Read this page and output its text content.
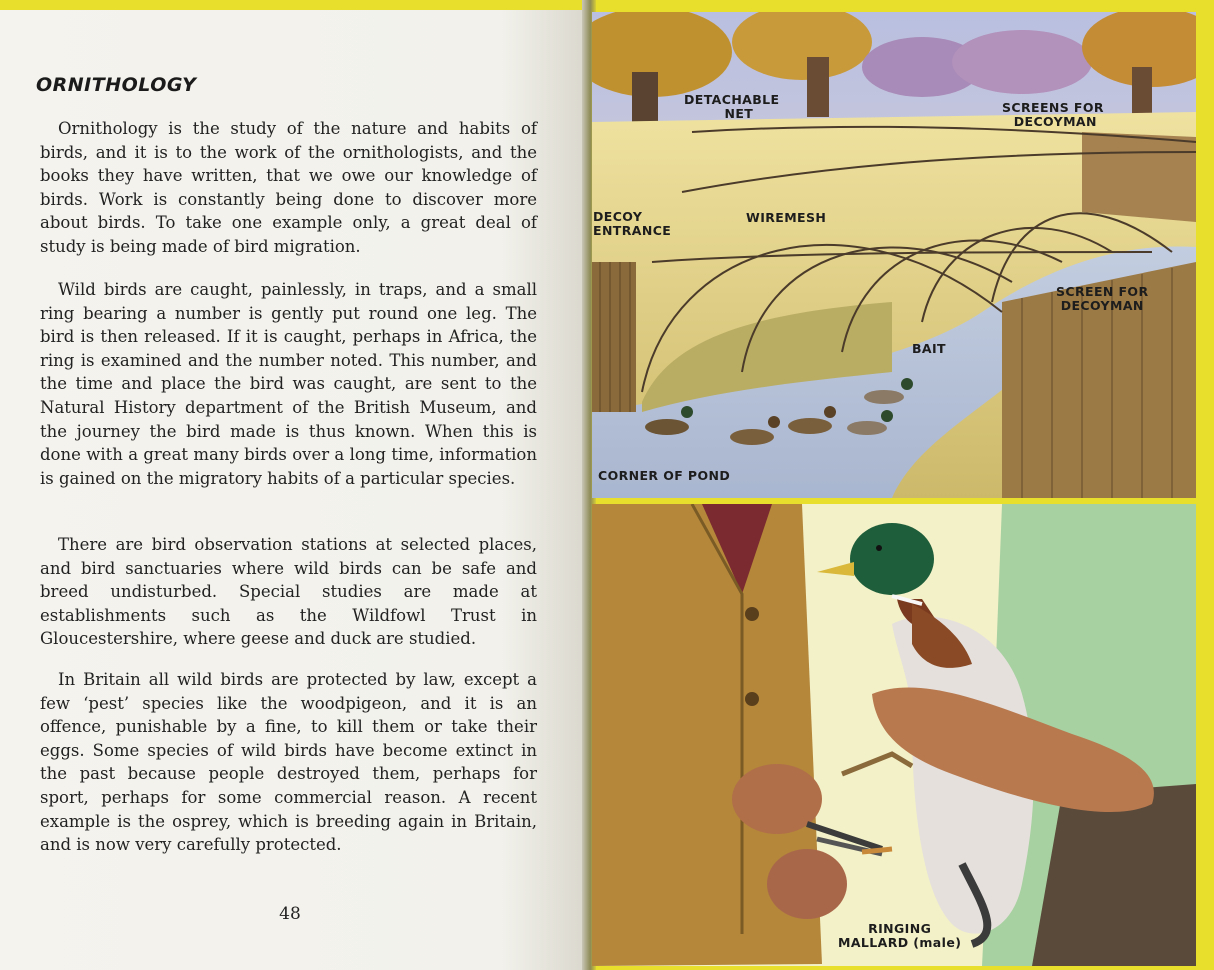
ORNITHOLOGY

Ornithology is the study of the nature and habits of birds, and it is to the work of the ornithologists, and the books they have written, that we owe our knowledge of birds. Work is constantly being done to discover more about birds. To take one example only, a great deal of study is being made of bird migration.

Wild birds are caught, painlessly, in traps, and a small ring bearing a number is gently put round one leg. The bird is then released. If it is caught, perhaps in Africa, the ring is examined and the number noted. This number, and the time and place the bird was caught, are sent to the Natural History department of the British Museum, and the journey the bird made is thus known. When this is done with a great many birds over a long time, information is gained on the migratory habits of a particular species.

There are bird observation stations at selected places, and bird sanctuaries where wild birds can be safe and breed undisturbed. Special studies are made at establishments such as the Wildfowl Trust in Gloucestershire, where geese and duck are studied.

In Britain all wild birds are protected by law, except a few ‘pest’ species like the woodpigeon, and it is an offence, punishable by a fine, to kill them or take their eggs. Some species of wild birds have become extinct in the past because people destroyed them, perhaps for sport, perhaps for some commercial reason. A recent example is the osprey, which is breeding again in Britain, and is now very carefully protected.

48
DETACHABLE
NET	SCREENS FOR
DECOYMAN
DECOY
ENTRANCE
WIREMESH
SCREEN FOR
DECOYMAN
BAIT
CORNER OF POND
RINGING
MALLARD (male)
